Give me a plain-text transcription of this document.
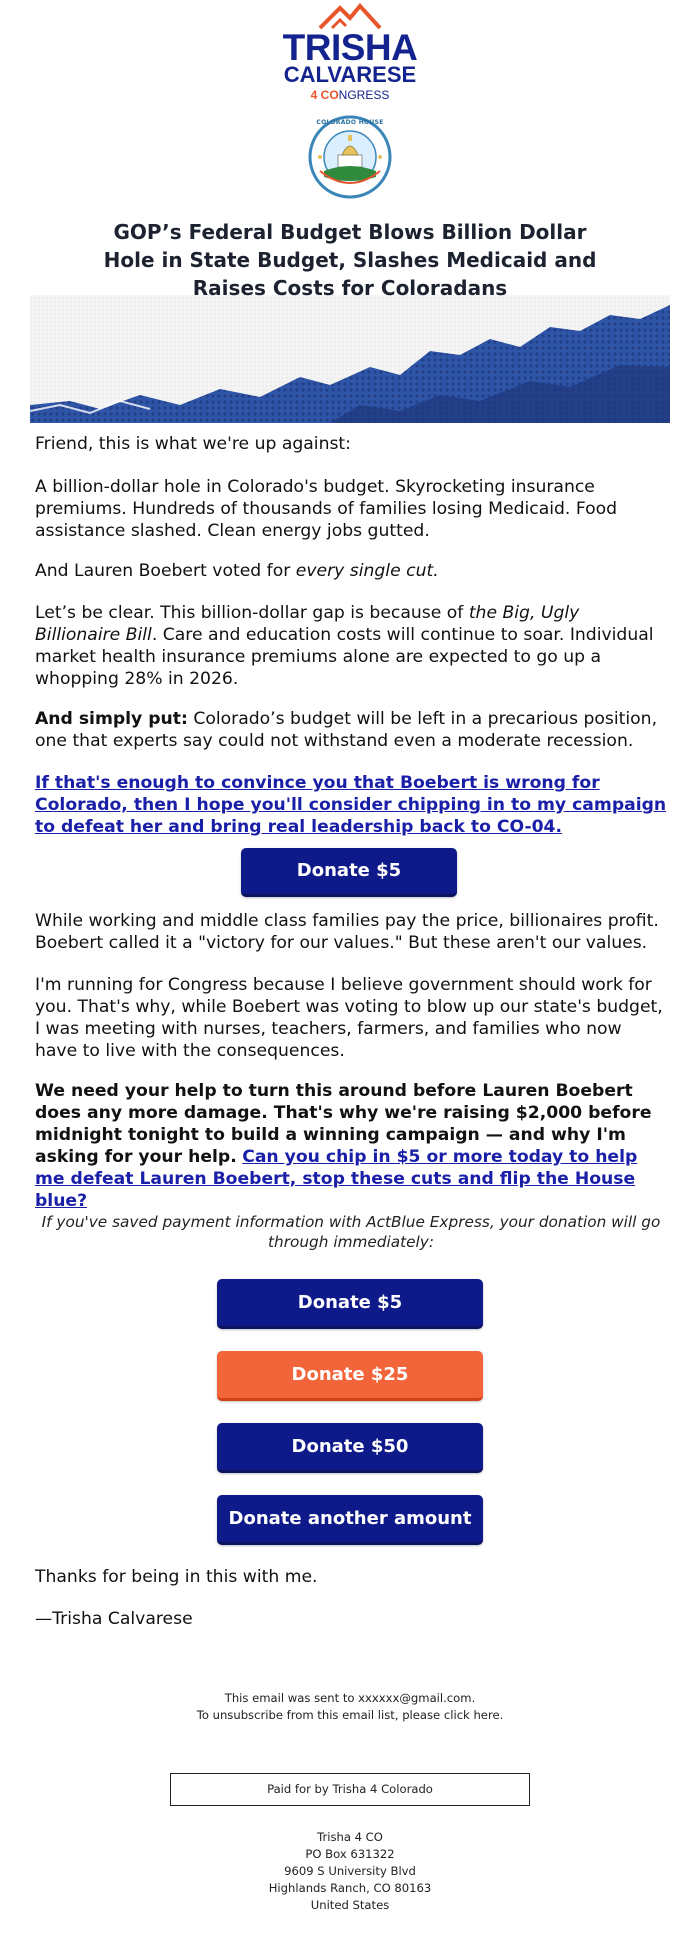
TRISHA
CALVARESE
4 CONGRESS
COLORADO HOUSE
DEMOCRATS
GOP’s Federal Budget Blows Billion Dollar
Hole in State Budget, Slashes Medicaid and
Raises Costs for Coloradans

Friend, this is what we're up against:

A billion-dollar hole in Colorado's budget. Skyrocketing insurance premiums. Hundreds of thousands of families losing Medicaid. Food assistance slashed. Clean energy jobs gutted.

And Lauren Boebert voted for every single cut.

Let’s be clear. This billion-dollar gap is because of the Big, Ugly Billionaire Bill. Care and education costs will continue to soar. Individual market health insurance premiums alone are expected to go up a whopping 28% in 2026.

And simply put: Colorado’s budget will be left in a precarious position, one that experts say could not withstand even a moderate recession.

If that's enough to convince you that Boebert is wrong for Colorado, then I hope you'll consider chipping in to my campaign to defeat her and bring real leadership back to CO-04.

Donate $5

While working and middle class families pay the price, billionaires profit. Boebert called it a "victory for our values." But these aren't our values.

I'm running for Congress because I believe government should work for you. That's why, while Boebert was voting to blow up our state's budget, I was meeting with nurses, teachers, farmers, and families who now have to live with the consequences.

We need your help to turn this around before Lauren Boebert does any more damage. That's why we're raising $2,000 before midnight tonight to build a winning campaign — and why I'm asking for your help. Can you chip in $5 or more today to help me defeat Lauren Boebert, stop these cuts and flip the House blue?

If you've saved payment information with ActBlue Express, your donation will go through immediately:
Donate $5
Donate $25
Donate $50
Donate another amount

Thanks for being in this with me.

—Trisha Calvarese

This email was sent to xxxxxx@gmail.com.
To unsubscribe from this email list, please click here.
Paid for by Trisha 4 Colorado
Trisha 4 CO
PO Box 631322
9609 S University Blvd
Highlands Ranch, CO 80163
United States
